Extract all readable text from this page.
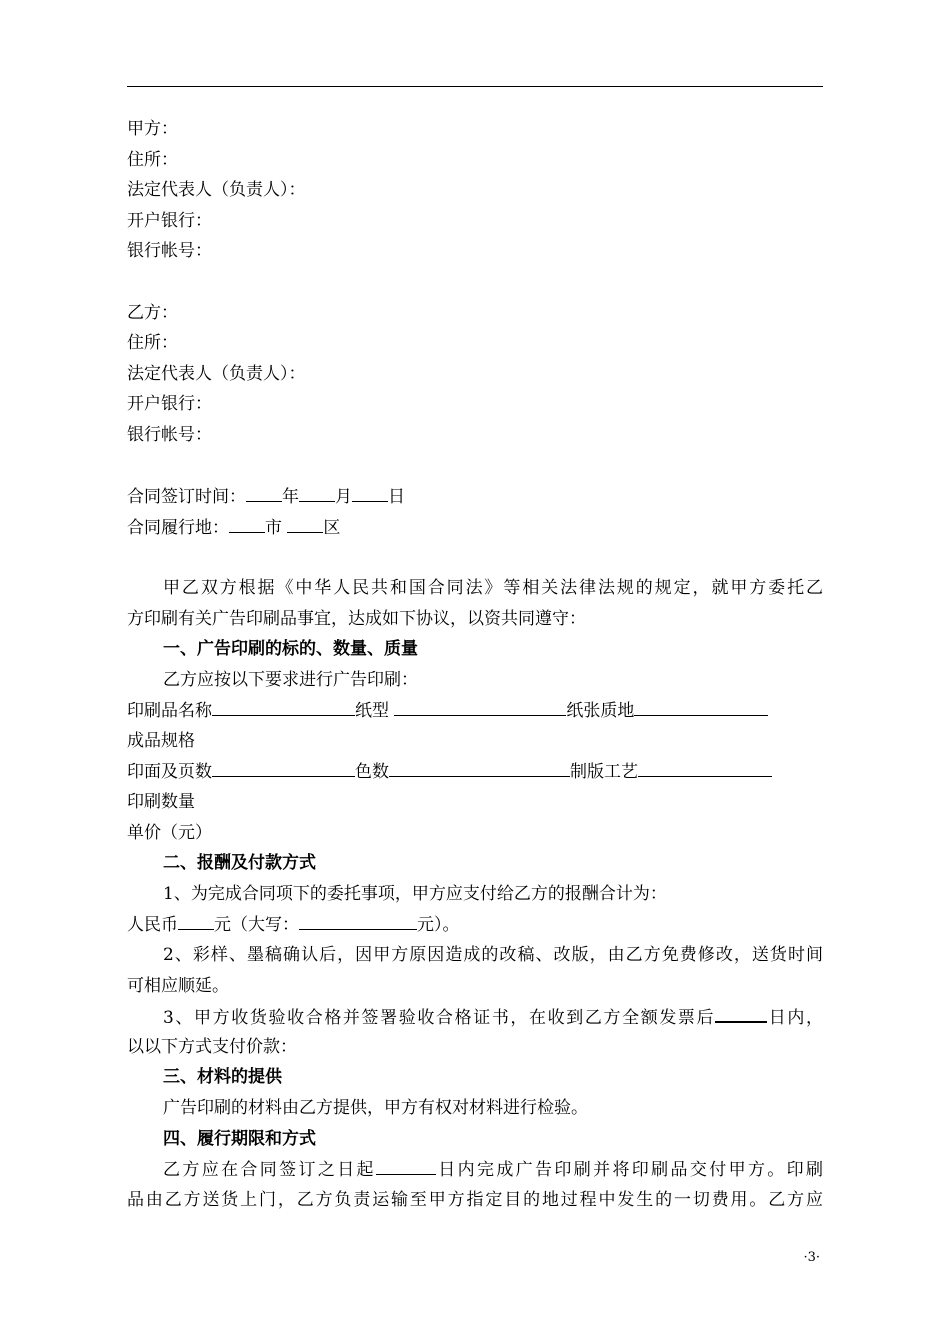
甲方：
住所：
法定代表人（负责人）：
开户银行：
银行帐号：
乙方：
住所：
法定代表人（负责人）：
开户银行：
银行帐号：
合同签订时间： 年 月 日
合同履行地： 市 区
甲乙双方根据《中华人民共和国合同法》等相关法律法规的规定，就甲方委托乙
方印刷有关广告印刷品事宜，达成如下协议，以资共同遵守：
一、广告印刷的标的、数量、质量
乙方应按以下要求进行广告印刷：
印刷品名称	纸型	纸张质地
成品规格
印面及页数	色数	制版工艺
印刷数量
单价（元）
二、报酬及付款方式
1、为完成合同项下的委托事项，甲方应支付给乙方的报酬合计为：
人民币 元（大写：	元）。
2、彩样、墨稿确认后，因甲方原因造成的改稿、改版，由乙方免费修改，送货时间
可相应顺延。
3、甲方收货验收合格并签署验收合格证书，在收到乙方全额发票后	日内，
以以下方式支付价款：
三、材料的提供
广告印刷的材料由乙方提供，甲方有权对材料进行检验。
四、履行期限和方式
乙方应在合同签订之日起	日内完成广告印刷并将印刷品交付甲方。印刷
品由乙方送货上门，乙方负责运输至甲方指定目的地过程中发生的一切费用。乙方应
·3·
